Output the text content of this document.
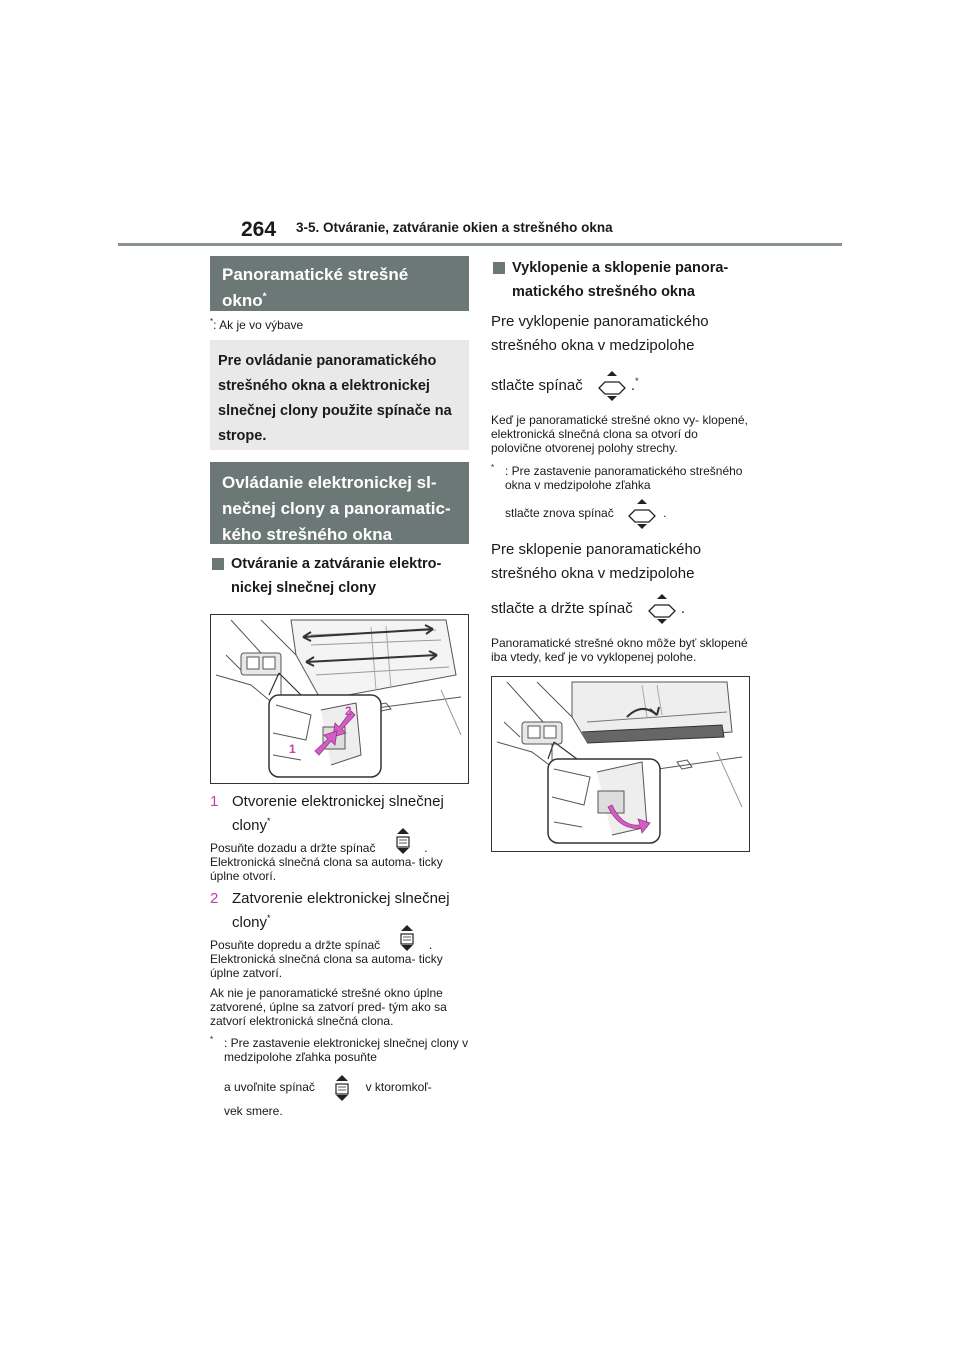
264 3-5. Otváranie, zatváranie okien a strešného okna
Panoramatické strešné okno*
*: Ak je vo výbave
Pre ovládanie panoramatického strešného okna a elektronickej slnečnej clony použite spínače na strope.
Ovládanie elektronickej sl- nečnej clony a panoramatic- kého strešného okna
Otváranie a zatváranie elektro- nickej slnečnej clony
2
1
1 Otvorenie elektronickej slnečnej clony*
Posuňte dozadu a držte spínač	. Elektronická slnečná clona sa automa- ticky úplne otvorí.
2 Zatvorenie elektronickej slnečnej clony*
Posuňte dopredu a držte spínač	. Elektronická slnečná clona sa automa- ticky úplne zatvorí.
Ak nie je panoramatické strešné okno úplne zatvorené, úplne sa zatvorí pred- tým ako sa zatvorí elektronická slnečná clona.
* : Pre zastavenie elektronickej slnečnej clony v medzipolohe zľahka posuňte
a uvoľnite spínač	v ktoromkoľ-
vek smere.
Vyklopenie a sklopenie panora- matického strešného okna
Pre vyklopenie panoramatického strešného okna v medzipolohe
stlačte spínač	.*
Keď je panoramatické strešné okno vy- klopené, elektronická slnečná clona sa otvorí do polovične otvorenej polohy strechy.
* : Pre zastavenie panoramatického strešného okna v medzipolohe zľahka
stlačte znova spínač	.
Pre sklopenie panoramatického strešného okna v medzipolohe
stlačte a držte spínač	.
Panoramatické strešné okno môže byť sklopené iba vtedy, keď je vo vyklopenej polohe.
